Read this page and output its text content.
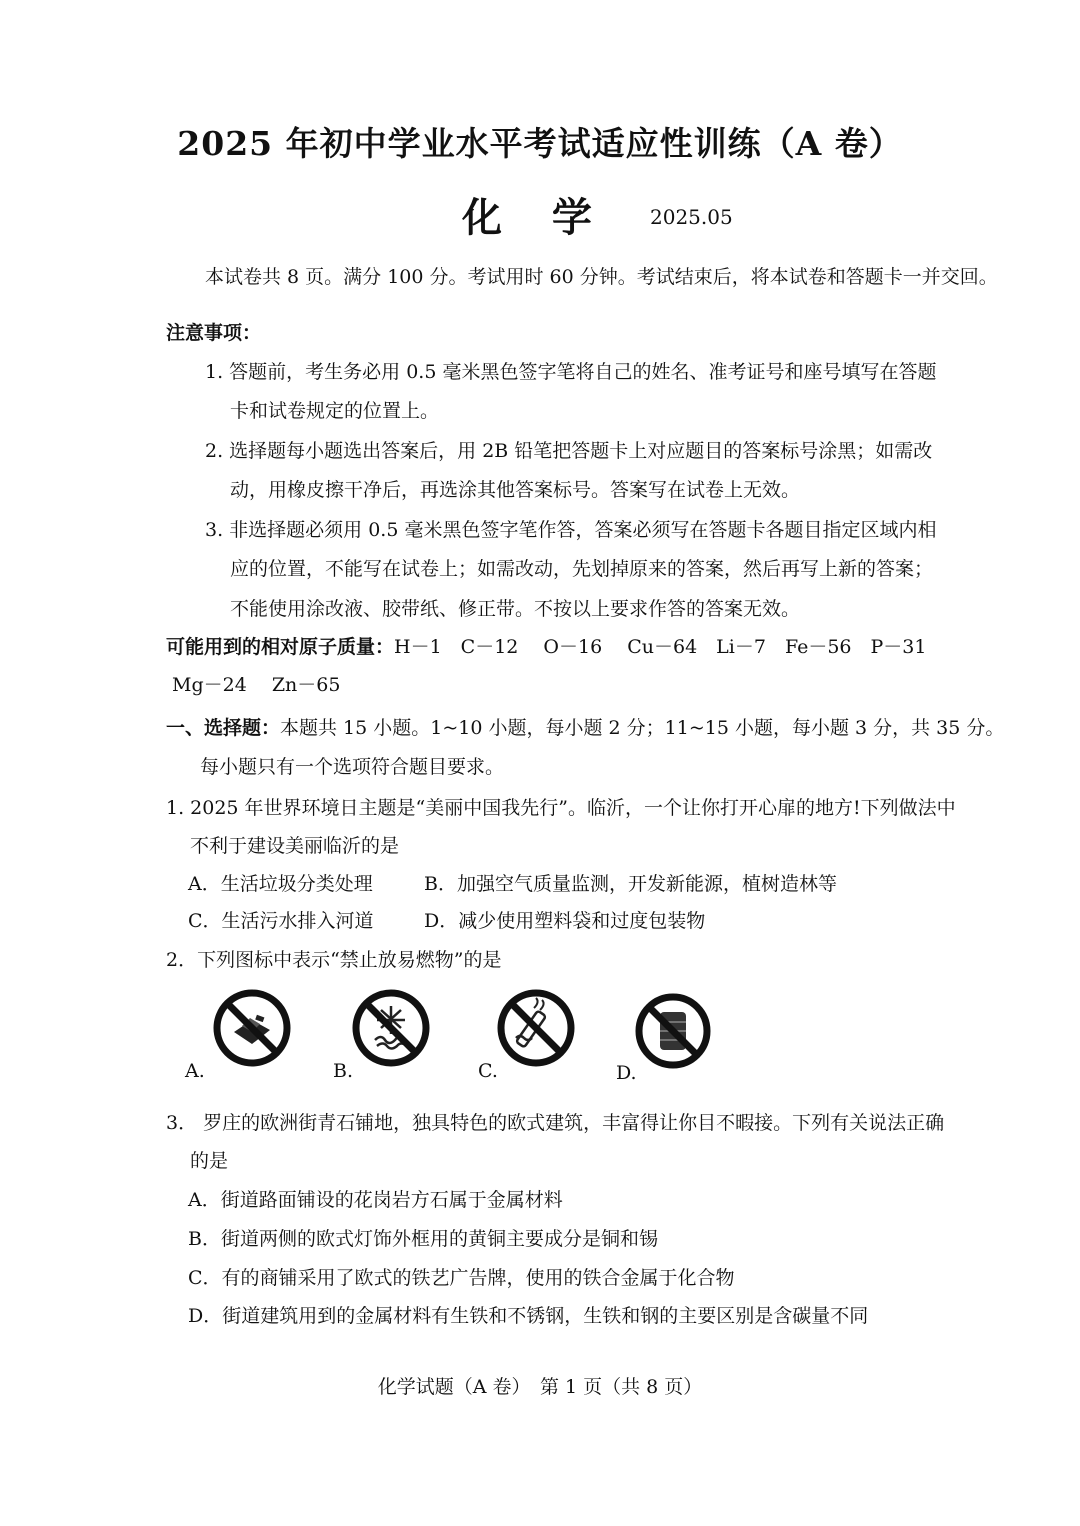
2025 年初中学业水平考试适应性训练（A 卷）
化 学 2025.05
本试卷共 8 页。满分 100 分。考试用时 60 分钟。考试结束后，将本试卷和答题卡一并交回。
注意事项：
1. 答题前，考生务必用 0.5 毫米黑色签字笔将自己的姓名、准考证号和座号填写在答题
卡和试卷规定的位置上。
2. 选择题每小题选出答案后，用 2B 铅笔把答题卡上对应题目的答案标号涂黑；如需改
动，用橡皮擦干净后，再选涂其他答案标号。答案写在试卷上无效。
3. 非选择题必须用 0.5 毫米黑色签字笔作答，答案必须写在答题卡各题目指定区域内相
应的位置，不能写在试卷上；如需改动，先划掉原来的答案，然后再写上新的答案；
不能使用涂改液、胶带纸、修正带。不按以上要求作答的答案无效。
可能用到的相对原子质量：H－1　C－12　 O－16　 Cu－64　Li－7　Fe－56　P－31
Mg－24　 Zn－65
一、选择题：本题共 15 小题。1~10 小题，每小题 2 分；11~15 小题，每小题 3 分，共 35 分。
每小题只有一个选项符合题目要求。
1. 2025 年世界环境日主题是“美丽中国我先行”。临沂，一个让你打开心扉的地方!下列做法中
不利于建设美丽临沂的是
A．生活垃圾分类处理	B．加强空气质量监测，开发新能源，植树造林等
C．生活污水排入河道	D．减少使用塑料袋和过度包装物
2．下列图标中表示“禁止放易燃物”的是
A.	B.	C.	D.
3． 罗庄的欧洲街青石铺地，独具特色的欧式建筑，丰富得让你目不暇接。下列有关说法正确
的是
A．街道路面铺设的花岗岩方石属于金属材料
B．街道两侧的欧式灯饰外框用的黄铜主要成分是铜和锡
C．有的商铺采用了欧式的铁艺广告牌，使用的铁合金属于化合物
D．街道建筑用到的金属材料有生铁和不锈钢，生铁和钢的主要区别是含碳量不同
化学试题（A 卷）　第 1 页（共 8 页）
